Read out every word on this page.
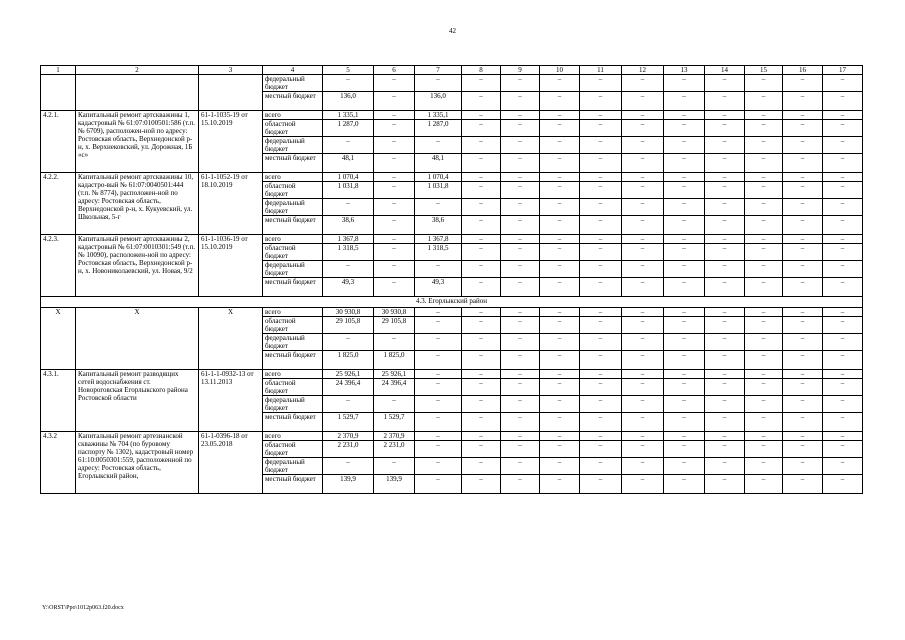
42
1	2	3	4	5	6	7	8	9	10	11	12	13	14	15	16	17
			федеральный бюджет	–	–	–	–	–	–	–	–	–	–	–	–	–
			местный бюджет	136,0	–	136,0	–	–	–	–	–	–	–	–	–	–
4.2.1.	Капитальный ремонт артскважины 1, кадастровый № 61:07:0100501:586 (т.п. № 6709), расположен-ной по адресу: Ростовская область, Верхнедонской р-н, х. Верхнековский, ул. Дорожная, 1Б «с»	61-1-1035-19 от 15.10.2019	всего	1 335,1	–	1 335,1	–	–	–	–	–	–	–	–	–	–
			областной бюджет	1 287,0	–	1 287,0	–	–	–	–	–	–	–	–	–	–
			федеральный бюджет	–	–	–	–	–	–	–	–	–	–	–	–	–
			местный бюджет	48,1	–	48,1	–	–	–	–	–	–	–	–	–	–
4.2.2.	Капитальный ремонт артскважины 10, кадастро-вый № 61:07:0040501:444 (т.п. № 8774), расположен-ной по адресу: Ростовская область, Верхнедонской р-н, х. Кукуевский, ул. Школьная, 5-г	61-1-1052-19 от 18.10.2019	всего	1 070,4	–	1 070,4	–	–	–	–	–	–	–	–	–	–
			областной бюджет	1 031,8	–	1 031,8	–	–	–	–	–	–	–	–	–	–
			федеральный бюджет	–	–	–	–	–	–	–	–	–	–	–	–	–
			местный бюджет	38,6	–	38,6	–	–	–	–	–	–	–	–	–	–
4.2.3.	Капитальный ремонт артскважины 2, кадастровый № 61:07:0010301:549 (т.п. № 10090), расположен-ной по адресу: Ростовская область, Верхнедонской р-н, х. Новониколаевский, ул. Новая, 9/2	61-1-1036-19 от 15.10.2019	всего	1 367,8	–	1 367,8	–	–	–	–	–	–	–	–	–	–
			областной бюджет	1 318,5	–	1 318,5	–	–	–	–	–	–	–	–	–	–
			федеральный бюджет	–	–	–	–	–	–	–	–	–	–	–	–	–
			местный бюджет	49,3	–	49,3	–	–	–	–	–	–	–	–	–	–
4.3. Егорлыкский район																
Х	Х	Х	всего	30 930,8	30 930,8	–	–	–	–	–	–	–	–	–	–	–
			областной бюджет	29 105,8	29 105,8	–	–	–	–	–	–	–	–	–	–	–
			федеральный бюджет	–	–	–	–	–	–	–	–	–	–	–	–	–
			местный бюджет	1 825,0	1 825,0	–	–	–	–	–	–	–	–	–	–	–
4.3.1.	Капитальный ремонт разводящих сетей водоснабжения ст. Новороговская Егорлыкского района Ростовской области	61-1-1-0932-13 от 13.11.2013	всего	25 926,1	25 926,1	–	–	–	–	–	–	–	–	–	–	–
			областной бюджет	24 396,4	24 396,4	–	–	–	–	–	–	–	–	–	–	–
			федеральный бюджет	–	–	–	–	–	–	–	–	–	–	–	–	–
			местный бюджет	1 529,7	1 529,7	–	–	–	–	–	–	–	–	–	–	–
4.3.2	Капитальный ремонт артезианской скважины № 704 (по буровому паспорту № 1302), кадастровый номер 61:10:0050301:559, расположенной по адресу: Ростовская область, Егорлыкский район,	61-1-0396-18 от 23.05.2018	всего	2 370,9	2 370,9	–	–	–	–	–	–	–	–	–	–	–
			областной бюджет	2 231,0	2 231,0	–	–	–	–	–	–	–	–	–	–	–
			федеральный бюджет	–	–	–	–	–	–	–	–	–	–	–	–	–
			местный бюджет	139,9	139,9	–	–	–	–	–	–	–	–	–	–	–
Y:\ORST\Ppo\1012p063.f20.docx
